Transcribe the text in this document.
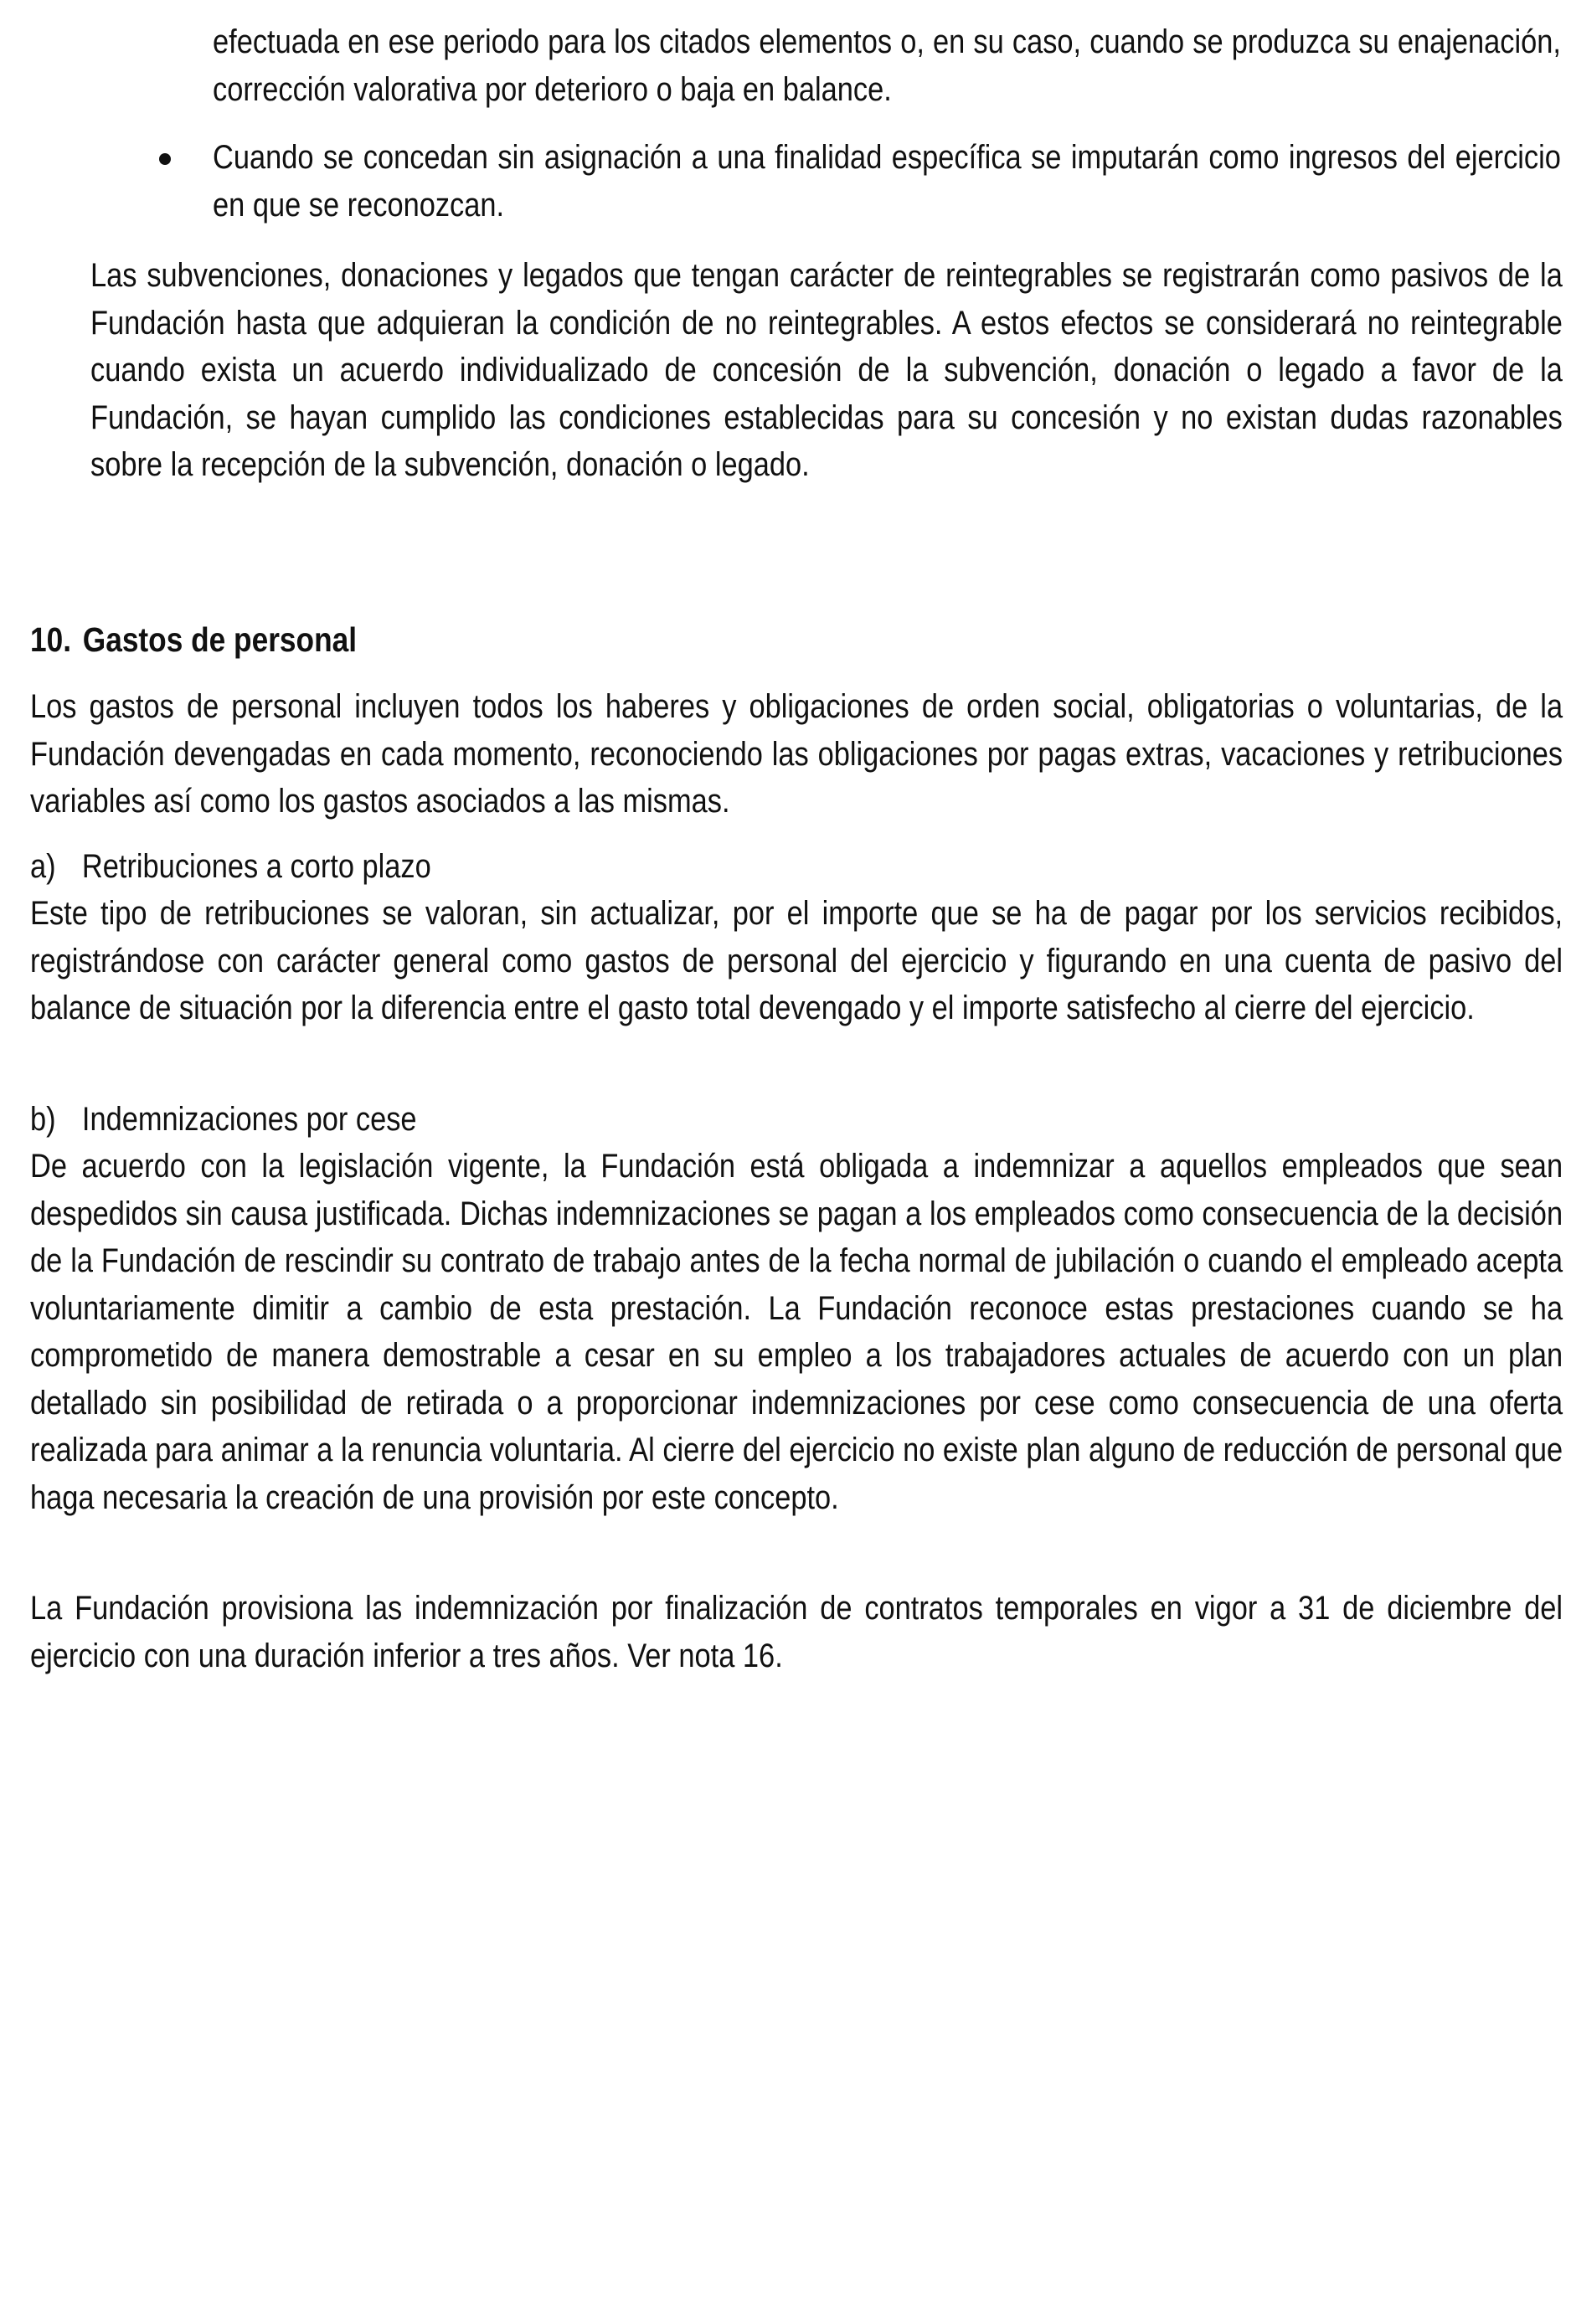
efectuada en ese periodo para los citados elementos o, en su caso, cuando se produzca su enajenación, corrección valorativa por deterioro o baja en balance.

Cuando se concedan sin asignación a una finalidad específica se imputarán como ingresos del ejercicio en que se reconozcan.

Las subvenciones, donaciones y legados que tengan carácter de reintegrables se registrarán como pasivos de la Fundación hasta que adquieran la condición de no reintegrables. A estos efectos se considerará no reintegrable cuando exista un acuerdo individualizado de concesión de la subvención, donación o legado a favor de la Fundación, se hayan cumplido las condiciones establecidas para su concesión y no existan dudas razonables sobre la recepción de la subvención, donación o legado.

10. Gastos de personal

Los gastos de personal incluyen todos los haberes y obligaciones de orden social, obligatorias o voluntarias, de la Fundación devengadas en cada momento, reconociendo las obligaciones por pagas extras, vacaciones y retribuciones variables así como los gastos asociados a las mismas.

a) Retribuciones a corto plazo

Este tipo de retribuciones se valoran, sin actualizar, por el importe que se ha de pagar por los servicios recibidos, registrándose con carácter general como gastos de personal del ejercicio y figurando en una cuenta de pasivo del balance de situación por la diferencia entre el gasto total devengado y el importe satisfecho al cierre del ejercicio.

b) Indemnizaciones por cese

De acuerdo con la legislación vigente, la Fundación está obligada a indemnizar a aquellos empleados que sean despedidos sin causa justificada. Dichas indemnizaciones se pagan a los empleados como consecuencia de la decisión de la Fundación de rescindir su contrato de trabajo antes de la fecha normal de jubilación o cuando el empleado acepta voluntariamente dimitir a cambio de esta prestación. La Fundación reconoce estas prestaciones cuando se ha comprometido de manera demostrable a cesar en su empleo a los trabajadores actuales de acuerdo con un plan detallado sin posibilidad de retirada o a proporcionar indemnizaciones por cese como consecuencia de una oferta realizada para animar a la renuncia voluntaria. Al cierre del ejercicio no existe plan alguno de reducción de personal que haga necesaria la creación de una provisión por este concepto.

La Fundación provisiona las indemnización por finalización de contratos temporales en vigor a 31 de diciembre del ejercicio con una duración inferior a tres años. Ver nota 16.
